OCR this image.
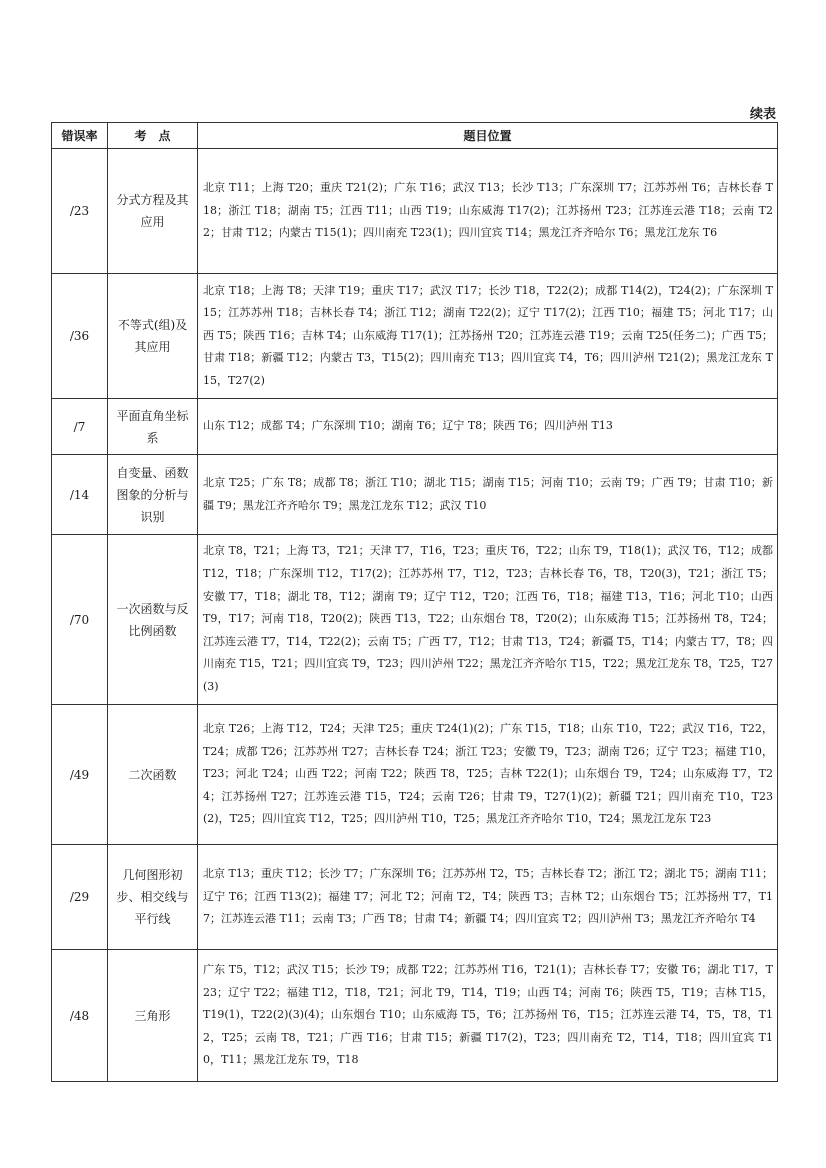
续表
错误率	考　点	题目位置
/23	分式方程及其应用	北京 T11；上海 T20；重庆 T21(2)；广东 T16；武汉 T13；长沙 T13；广东深圳 T7；江苏苏州 T6；吉林长春 T18；浙江 T18；湖南 T5；江西 T11；山西 T19；山东威海 T17(2)；江苏扬州 T23；江苏连云港 T18；云南 T22；甘肃 T12；内蒙古 T15(1)；四川南充 T23(1)；四川宜宾 T14；黑龙江齐齐哈尔 T6；黑龙江龙东 T6
/36	不等式(组)及其应用	北京 T18；上海 T8；天津 T19；重庆 T17；武汉 T17；长沙 T18，T22(2)；成都 T14(2)，T24(2)；广东深圳 T15；江苏苏州 T18；吉林长春 T4；浙江 T12；湖南 T22(2)；辽宁 T17(2)；江西 T10；福建 T5；河北 T17；山西 T5；陕西 T16；吉林 T4；山东威海 T17(1)；江苏扬州 T20；江苏连云港 T19；云南 T25(任务二)；广西 T5；甘肃 T18；新疆 T12；内蒙古 T3，T15(2)；四川南充 T13；四川宜宾 T4，T6；四川泸州 T21(2)；黑龙江龙东 T15，T27(2)
/7	平面直角坐标系	山东 T12；成都 T4；广东深圳 T10；湖南 T6；辽宁 T8；陕西 T6；四川泸州 T13
/14	自变量、函数图象的分析与识别	北京 T25；广东 T8；成都 T8；浙江 T10；湖北 T15；湖南 T15；河南 T10；云南 T9；广西 T9；甘肃 T10；新疆 T9；黑龙江齐齐哈尔 T9；黑龙江龙东 T12；武汉 T10
/70	一次函数与反比例函数	北京 T8，T21；上海 T3，T21；天津 T7，T16，T23；重庆 T6，T22；山东 T9，T18(1)；武汉 T6，T12；成都 T12，T18；广东深圳 T12，T17(2)；江苏苏州 T7，T12，T23；吉林长春 T6，T8，T20(3)，T21；浙江 T5；安徽 T7，T18；湖北 T8，T12；湖南 T9；辽宁 T12，T20；江西 T6，T18；福建 T13，T16；河北 T10；山西 T9，T17；河南 T18，T20(2)；陕西 T13，T22；山东烟台 T8，T20(2)；山东威海 T15；江苏扬州 T8，T24；江苏连云港 T7，T14，T22(2)；云南 T5；广西 T7，T12；甘肃 T13，T24；新疆 T5，T14；内蒙古 T7，T8；四川南充 T15，T21；四川宜宾 T9，T23；四川泸州 T22；黑龙江齐齐哈尔 T15，T22；黑龙江龙东 T8，T25，T27(3)
/49	二次函数	北京 T26；上海 T12，T24；天津 T25；重庆 T24(1)(2)；广东 T15，T18；山东 T10，T22；武汉 T16，T22，T24；成都 T26；江苏苏州 T27；吉林长春 T24；浙江 T23；安徽 T9，T23；湖南 T26；辽宁 T23；福建 T10，T23；河北 T24；山西 T22；河南 T22；陕西 T8，T25；吉林 T22(1)；山东烟台 T9，T24；山东威海 T7，T24；江苏扬州 T27；江苏连云港 T15，T24；云南 T26；甘肃 T9，T27(1)(2)；新疆 T21；四川南充 T10，T23(2)，T25；四川宜宾 T12，T25；四川泸州 T10，T25；黑龙江齐齐哈尔 T10，T24；黑龙江龙东 T23
/29	几何图形初步、相交线与平行线	北京 T13；重庆 T12；长沙 T7；广东深圳 T6；江苏苏州 T2，T5；吉林长春 T2；浙江 T2；湖北 T5；湖南 T11；辽宁 T6；江西 T13(2)；福建 T7；河北 T2；河南 T2，T4；陕西 T3；吉林 T2；山东烟台 T5；江苏扬州 T7，T17；江苏连云港 T11；云南 T3；广西 T8；甘肃 T4；新疆 T4；四川宜宾 T2；四川泸州 T3；黑龙江齐齐哈尔 T4
/48	三角形	广东 T5，T12；武汉 T15；长沙 T9；成都 T22；江苏苏州 T16，T21(1)；吉林长春 T7；安徽 T6；湖北 T17，T23；辽宁 T22；福建 T12，T18，T21；河北 T9，T14，T19；山西 T4；河南 T6；陕西 T5，T19；吉林 T15，T19(1)，T22(2)(3)(4)；山东烟台 T10；山东威海 T5，T6；江苏扬州 T6，T15；江苏连云港 T4，T5，T8，T12，T25；云南 T8，T21；广西 T16；甘肃 T15；新疆 T17(2)，T23；四川南充 T2，T14，T18；四川宜宾 T10，T11；黑龙江龙东 T9，T18
